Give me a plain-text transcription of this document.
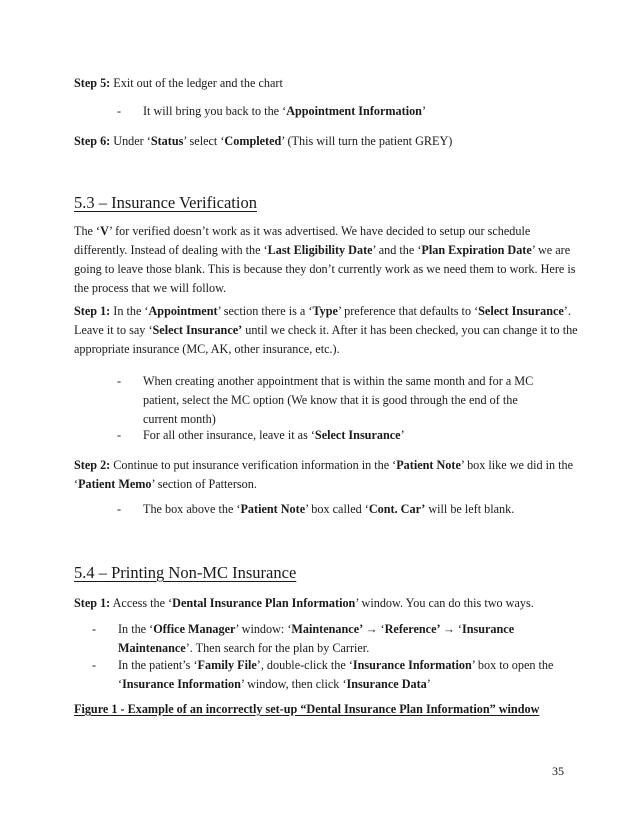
Step 5: Exit out of the ledger and the chart

- It will bring you back to the ‘Appointment Information’

Step 6: Under ‘Status’ select ‘Completed’ (This will turn the patient GREY)

5.3 – Insurance Verification

The ‘V’ for verified doesn’t work as it was advertised. We have decided to setup our schedule differently. Instead of dealing with the ‘Last Eligibility Date’ and the ‘Plan Expiration Date’ we are going to leave those blank. This is because they don’t currently work as we need them to work. Here is the process that we will follow.

Step 1: In the ‘Appointment’ section there is a ‘Type’ preference that defaults to ‘Select Insurance’. Leave it to say ‘Select Insurance’ until we check it. After it has been checked, you can change it to the appropriate insurance (MC, AK, other insurance, etc.).

- When creating another appointment that is within the same month and for a MC patient, select the MC option (We know that it is good through the end of the current month)
- For all other insurance, leave it as ‘Select Insurance’

Step 2: Continue to put insurance verification information in the ‘Patient Note’ box like we did in the ‘Patient Memo’ section of Patterson.

- The box above the ‘Patient Note’ box called ‘Cont. Car’ will be left blank.
5.4 – Printing Non-MC Insurance

Step 1: Access the ‘Dental Insurance Plan Information’ window. You can do this two ways.

- In the ‘Office Manager’ window: ‘Maintenance’ → ‘Reference’ → ‘Insurance Maintenance’. Then search for the plan by Carrier.
- In the patient’s ‘Family File’, double-click the ‘Insurance Information’ box to open the ‘Insurance Information’ window, then click ‘Insurance Data’

Figure 1 - Example of an incorrectly set-up “Dental Insurance Plan Information” window

35
